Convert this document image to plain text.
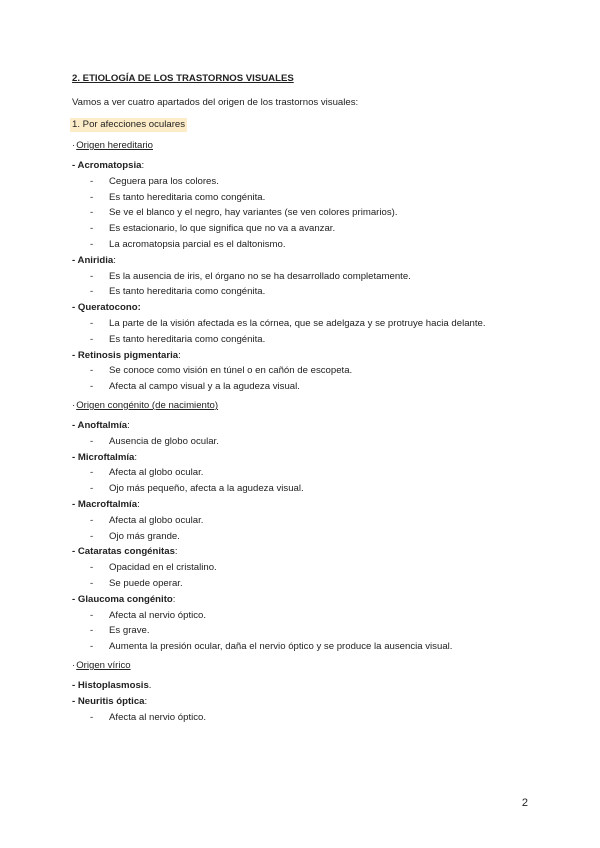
2. ETIOLOGÍA DE LOS TRASTORNOS VISUALES
Vamos a ver cuatro apartados del origen de los trastornos visuales:
1. Por afecciones oculares
·Origen hereditario
- Acromatopsia:
- Ceguera para los colores.
- Es tanto hereditaria como congénita.
- Se ve el blanco y el negro, hay variantes (se ven colores primarios).
- Es estacionario, lo que significa que no va a avanzar.
- La acromatopsia parcial es el daltonismo.
- Aniridia:
- Es la ausencia de iris, el órgano no se ha desarrollado completamente.
- Es tanto hereditaria como congénita.
- Queratocono:
- La parte de la visión afectada es la córnea, que se adelgaza y se protruye hacia delante.
- Es tanto hereditaria como congénita.
- Retinosis pigmentaria:
- Se conoce como visión en túnel o en cañón de escopeta.
- Afecta al campo visual y a la agudeza visual.
·Origen congénito (de nacimiento)
- Anoftalmía:
- Ausencia de globo ocular.
- Microftalmía:
- Afecta al globo ocular.
- Ojo más pequeño, afecta a la agudeza visual.
- Macroftalmía:
- Afecta al globo ocular.
- Ojo más grande.
- Cataratas congénitas:
- Opacidad en el cristalino.
- Se puede operar.
- Glaucoma congénito:
- Afecta al nervio óptico.
- Es grave.
- Aumenta la presión ocular, daña el nervio óptico y se produce la ausencia visual.
·Origen vírico
- Histoplasmosis.
- Neuritis óptica:
- Afecta al nervio óptico.
2
